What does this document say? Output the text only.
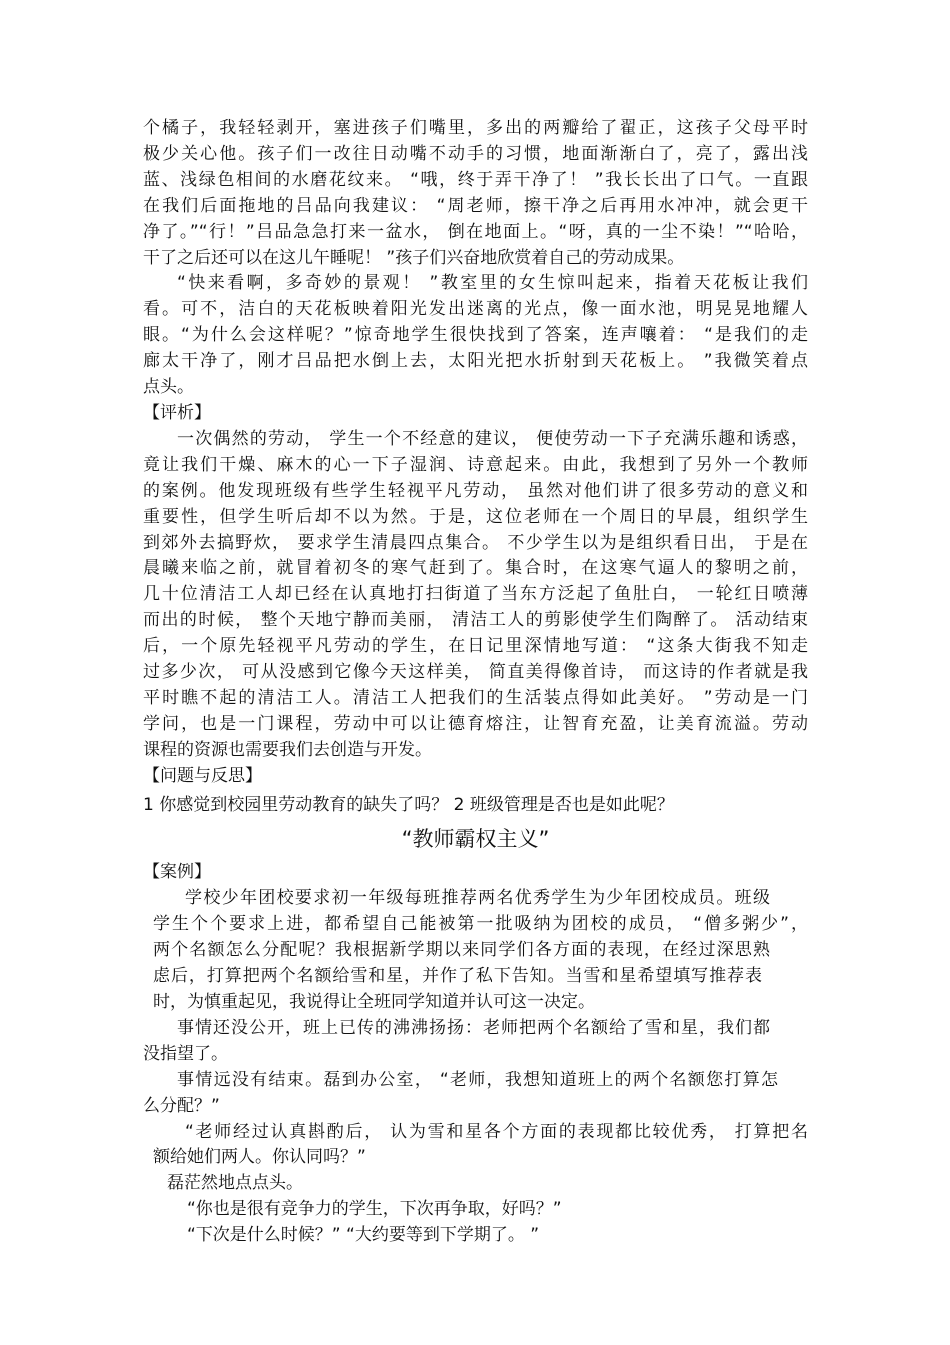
个橘子，我轻轻剥开，塞进孩子们嘴里，多出的两瓣给了翟正，这孩子父母平时
极少关心他。孩子们一改往日动嘴不动手的习惯，地面渐渐白了，亮了，露出浅
蓝、浅绿色相间的水磨花纹来。 “哦，终于弄干净了！ ”我长长出了口气。一直跟
在我们后面拖地的吕品向我建议： “周老师，擦干净之后再用水冲冲，就会更干
净了。”“行！”吕品急急打来一盆水， 倒在地面上。“呀，真的一尘不染！”“哈哈，
干了之后还可以在这儿午睡呢！ ”孩子们兴奋地欣赏着自己的劳动成果。
“快来看啊，多奇妙的景观！ ”教室里的女生惊叫起来，指着天花板让我们
看。可不，洁白的天花板映着阳光发出迷离的光点，像一面水池，明晃晃地耀人
眼。“为什么会这样呢？”惊奇地学生很快找到了答案，连声嚷着： “是我们的走
廊太干净了，刚才吕品把水倒上去，太阳光把水折射到天花板上。 ”我微笑着点
点头。
【评析】
一次偶然的劳动， 学生一个不经意的建议， 便使劳动一下子充满乐趣和诱惑，
竟让我们干燥、麻木的心一下子湿润、诗意起来。由此，我想到了另外一个教师
的案例。他发现班级有些学生轻视平凡劳动， 虽然对他们讲了很多劳动的意义和
重要性，但学生听后却不以为然。于是，这位老师在一个周日的早晨，组织学生
到郊外去搞野炊， 要求学生清晨四点集合。 不少学生以为是组织看日出， 于是在
晨曦来临之前，就冒着初冬的寒气赶到了。集合时，在这寒气逼人的黎明之前，
几十位清洁工人却已经在认真地打扫街道了当东方泛起了鱼肚白， 一轮红日喷薄
而出的时候， 整个天地宁静而美丽， 清洁工人的剪影使学生们陶醉了。 活动结束
后，一个原先轻视平凡劳动的学生，在日记里深情地写道： “这条大街我不知走
过多少次， 可从没感到它像今天这样美， 简直美得像首诗， 而这诗的作者就是我
平时瞧不起的清洁工人。清洁工人把我们的生活装点得如此美好。 ”劳动是一门
学问，也是一门课程，劳动中可以让德育熔注，让智育充盈，让美育流溢。劳动
课程的资源也需要我们去创造与开发。
【问题与反思】
1 你感觉到校园里劳动教育的缺失了吗？ 2 班级管理是否也是如此呢？
“教师霸权主义”
【案例】
学校少年团校要求初一年级每班推荐两名优秀学生为少年团校成员。班级
学生个个要求上进，都希望自己能被第一批吸纳为团校的成员， “僧多粥少”，
两个名额怎么分配呢？我根据新学期以来同学们各方面的表现，在经过深思熟
虑后，打算把两个名额给雪和星，并作了私下告知。当雪和星希望填写推荐表
时，为慎重起见，我说得让全班同学知道并认可这一决定。
事情还没公开，班上已传的沸沸扬扬：老师把两个名额给了雪和星，我们都
没指望了。
事情远没有结束。磊到办公室， “老师，我想知道班上的两个名额您打算怎
么分配？”
“老师经过认真斟酌后， 认为雪和星各个方面的表现都比较优秀， 打算把名
额给她们两人。你认同吗？”
磊茫然地点点头。
“你也是很有竞争力的学生，下次再争取，好吗？”
“下次是什么时候？” “大约要等到下学期了。 ”
